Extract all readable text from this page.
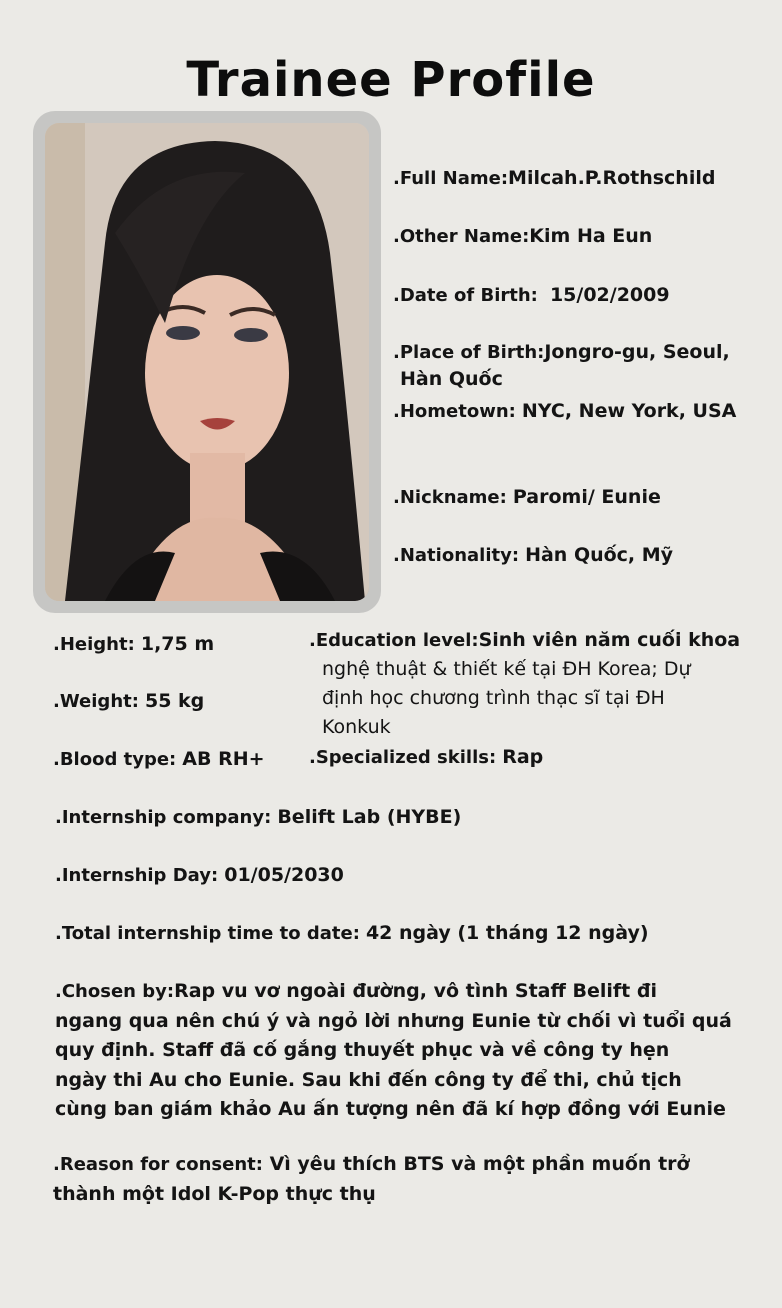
Trainee Profile
.Full Name:Milcah.P.Rothschild
.Other Name:Kim Ha Eun
.Date of Birth: 15/02/2009
.Place of Birth:Jongro-gu, Seoul,
Hàn Quốc
.Hometown: NYC, New York, USA
.Nickname: Paromi/ Eunie
.Nationality: Hàn Quốc, Mỹ
.Height: 1,75 m
.Weight: 55 kg
.Blood type: AB RH+
.Education level:Sinh viên năm cuối khoa
nghệ thuật & thiết kế tại ĐH Korea; Dự
định học chương trình thạc sĩ tại ĐH
Konkuk
.Specialized skills: Rap
.Internship company: Belift Lab (HYBE)
.Internship Day: 01/05/2030
.Total internship time to date: 42 ngày (1 tháng 12 ngày)
.Chosen by:Rap vu vơ ngoài đường, vô tình Staff Belift đi
ngang qua nên chú ý và ngỏ lời nhưng Eunie từ chối vì tuổi quá
quy định. Staff đã cố gắng thuyết phục và về công ty hẹn
ngày thi Au cho Eunie. Sau khi đến công ty để thi, chủ tịch
cùng ban giám khảo Au ấn tượng nên đã kí hợp đồng với Eunie
.Reason for consent: Vì yêu thích BTS và một phần muốn trở
thành một Idol K-Pop thực thụ
